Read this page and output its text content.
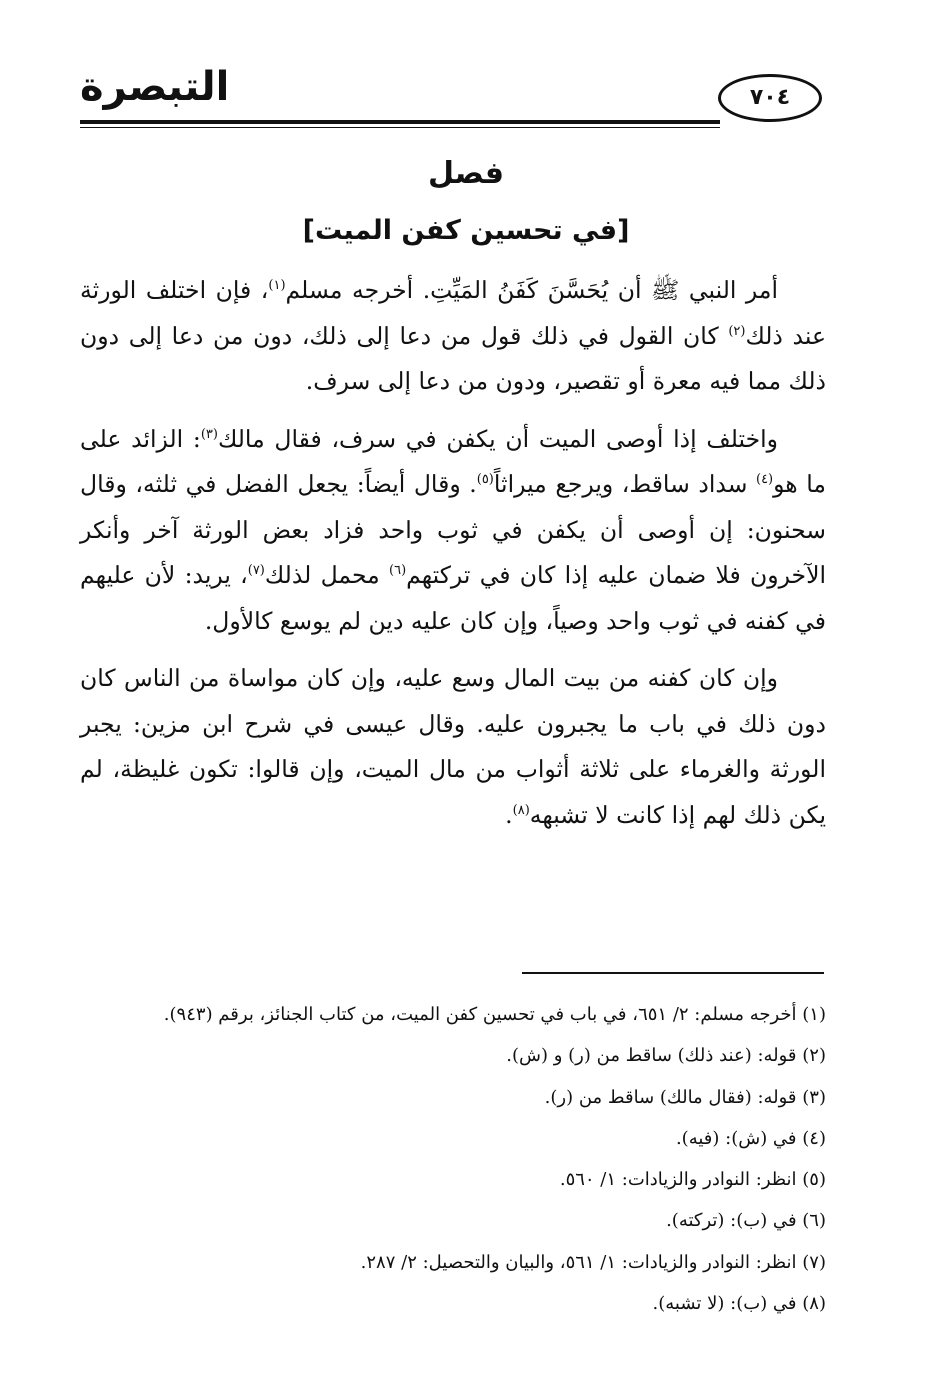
التبصرة	٧٠٤
فصل
[في تحسين كفن الميت]

أمر النبي ﷺ أن يُحَسَّنَ كَفَنُ المَيِّتِ. أخرجه مسلم$^{(١)}$، فإن اختلف الورثة عند ذلك$^{(٢)}$ كان القول في ذلك قول من دعا إلى ذلك، دون من دعا إلى دون ذلك مما فيه معرة أو تقصير، ودون من دعا إلى سرف.

واختلف إذا أوصى الميت أن يكفن في سرف، فقال مالك$^{(٣)}$: الزائد على ما هو$^{(٤)}$ سداد ساقط، ويرجع ميراثاً$^{(٥)}$. وقال أيضاً: يجعل الفضل في ثلثه، وقال سحنون: إن أوصى أن يكفن في ثوب واحد فزاد بعض الورثة آخر وأنكر الآخرون فلا ضمان عليه إذا كان في تركتهم$^{(٦)}$ محمل لذلك$^{(٧)}$، يريد: لأن عليهم في كفنه في ثوب واحد وصياً، وإن كان عليه دين لم يوسع كالأول.

وإن كان كفنه من بيت المال وسع عليه، وإن كان مواساة من الناس كان دون ذلك في باب ما يجبرون عليه. وقال عيسى في شرح ابن مزين: يجبر الورثة والغرماء على ثلاثة أثواب من مال الميت، وإن قالوا: تكون غليظة، لم يكن ذلك لهم إذا كانت لا تشبهه$^{(٨)}$.

(١) أخرجه مسلم: ٢/ ٦٥١، في باب في تحسين كفن الميت، من كتاب الجنائز، برقم (٩٤٣).
(٢) قوله: (عند ذلك) ساقط من (ر) و (ش).
(٣) قوله: (فقال مالك) ساقط من (ر).
(٤) في (ش): (فيه).
(٥) انظر: النوادر والزيادات: ١/ ٥٦٠.
(٦) في (ب): (تركته).
(٧) انظر: النوادر والزيادات: ١/ ٥٦١، والبيان والتحصيل: ٢/ ٢٨٧.
(٨) في (ب): (لا تشبه).
